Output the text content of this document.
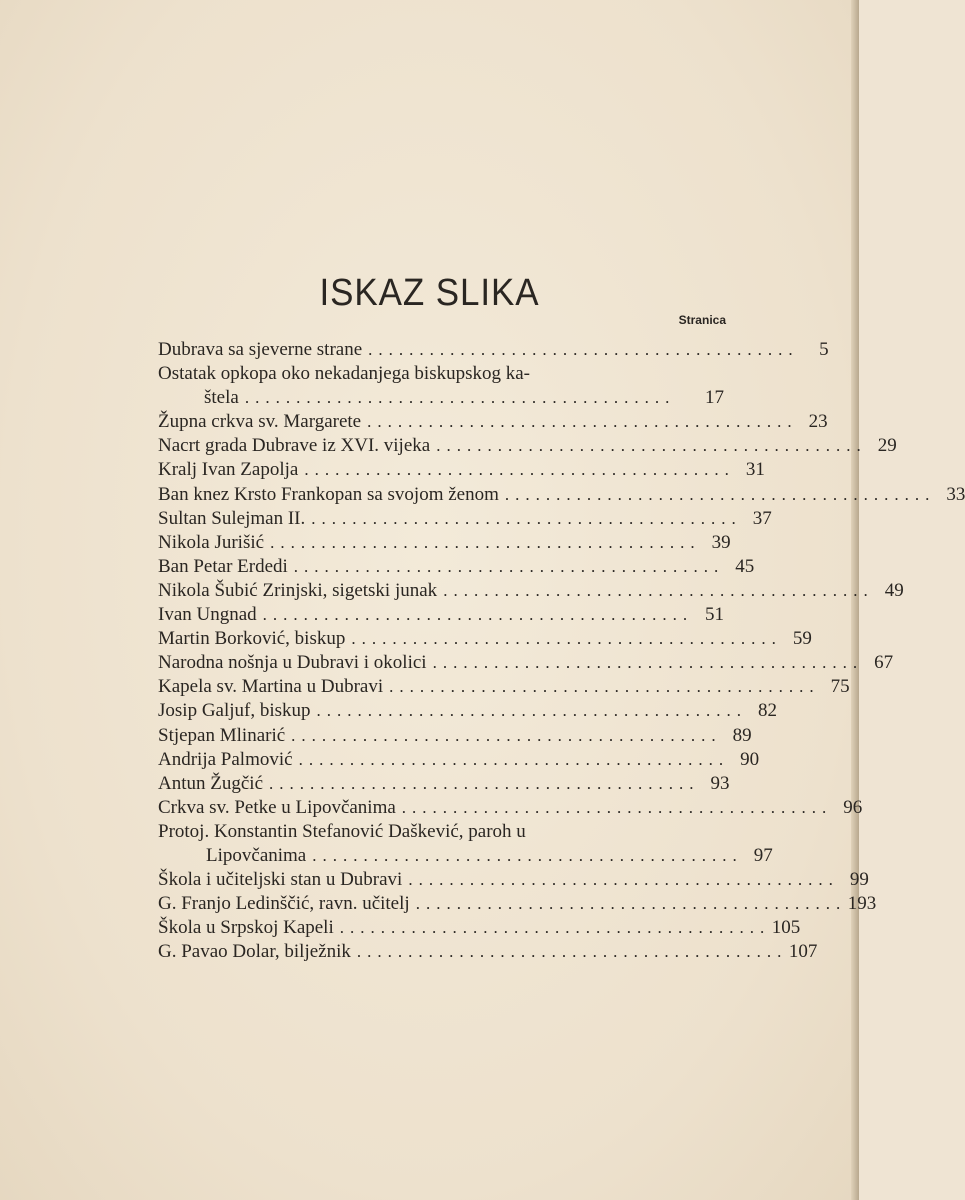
ISKAZ SLIKA
Stranica
Dubrava sa sjeverne strane ..........................................	5
Ostatak opkopa oko nekadanjega biskupskog ka-
štela ..........................................	17
Župna crkva sv. Margarete .......................................... 23
Nacrt grada Dubrave iz XVI. vijeka .......................................... 29
Kralj Ivan Zapolja .......................................... 31
Ban knez Krsto Frankopan sa svojom ženom .......................................... 33
Sultan Sulejman II. .......................................... 37
Nikola Jurišić .......................................... 39
Ban Petar Erdedi .......................................... 45
Nikola Šubić Zrinjski, sigetski junak .......................................... 49
Ivan Ungnad .......................................... 51
Martin Borković, biskup .......................................... 59
Narodna nošnja u Dubravi i okolici .......................................... 67
Kapela sv. Martina u Dubravi .......................................... 75
Josip Galjuf, biskup .......................................... 82
Stjepan Mlinarić .......................................... 89
Andrija Palmović .......................................... 90
Antun Žugčić .......................................... 93
Crkva sv. Petke u Lipovčanima .......................................... 96
Protoj. Konstantin Stefanović Daškević, paroh u
Lipovčanima .......................................... 97
Škola i učiteljski stan u Dubravi .......................................... 99
G. Franjo Ledinščić, ravn. učitelj .......................................... 193
Škola u Srpskoj Kapeli .......................................... 105
G. Pavao Dolar, bilježnik .......................................... 107
